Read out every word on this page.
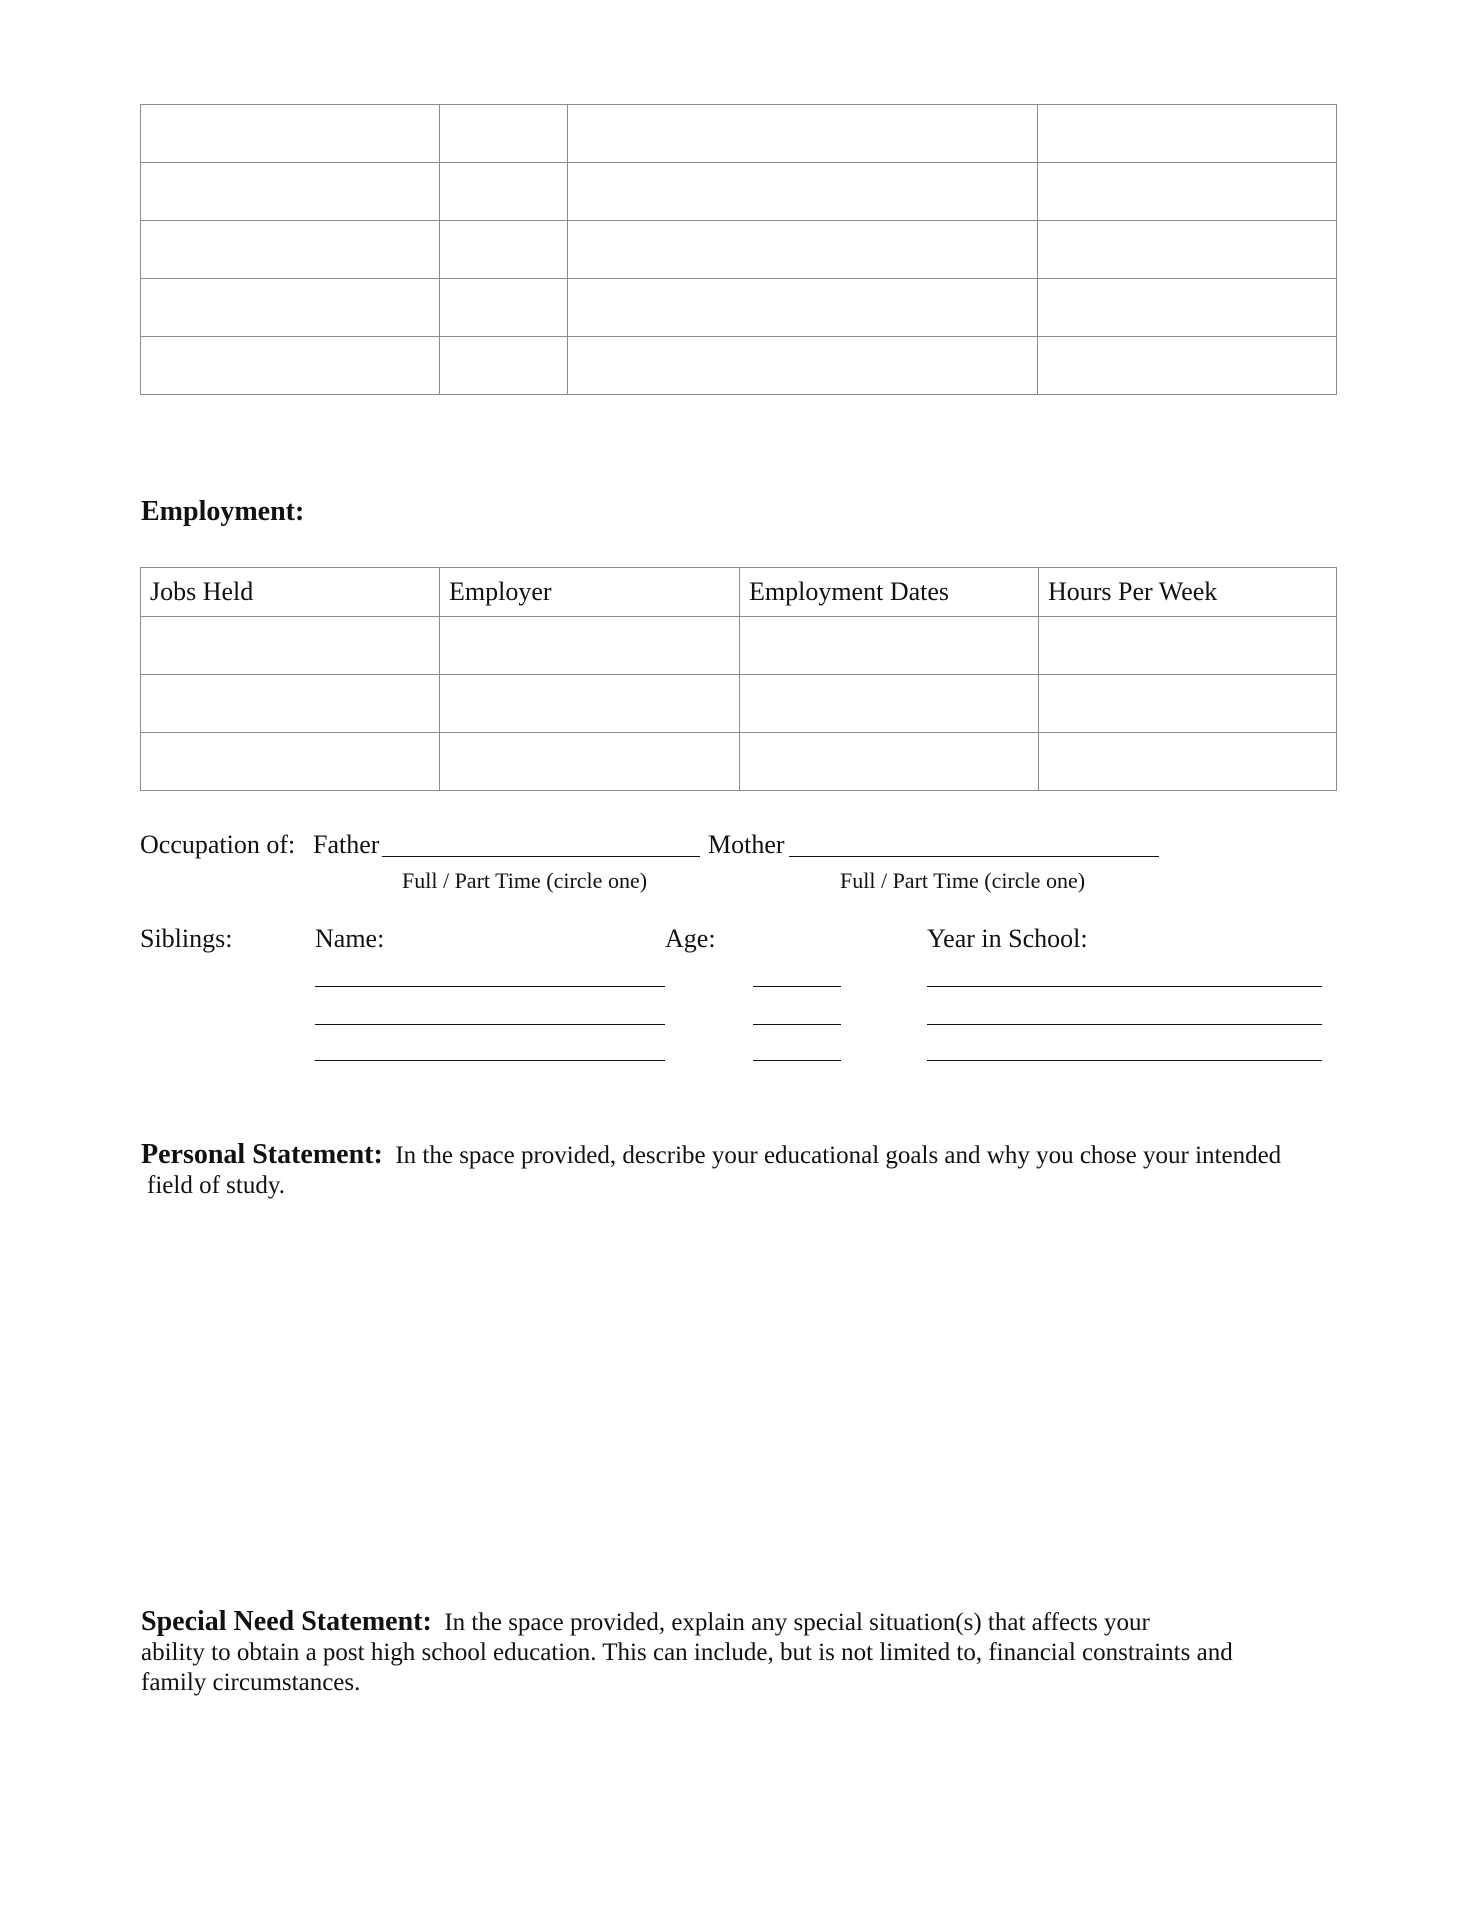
Employment:
Jobs Held	Employer	Employment Dates	Hours Per Week

Occupation of: Father	Mother
Full / Part Time (circle one)	Full / Part Time (circle one)
Siblings:	Name:	Age:	Year in School:
Personal Statement: In the space provided, describe your educational goals and why you chose your intended
field of study.
Special Need Statement: In the space provided, explain any special situation(s) that affects your
ability to obtain a post high school education. This can include, but is not limited to, financial constraints and
family circumstances.
